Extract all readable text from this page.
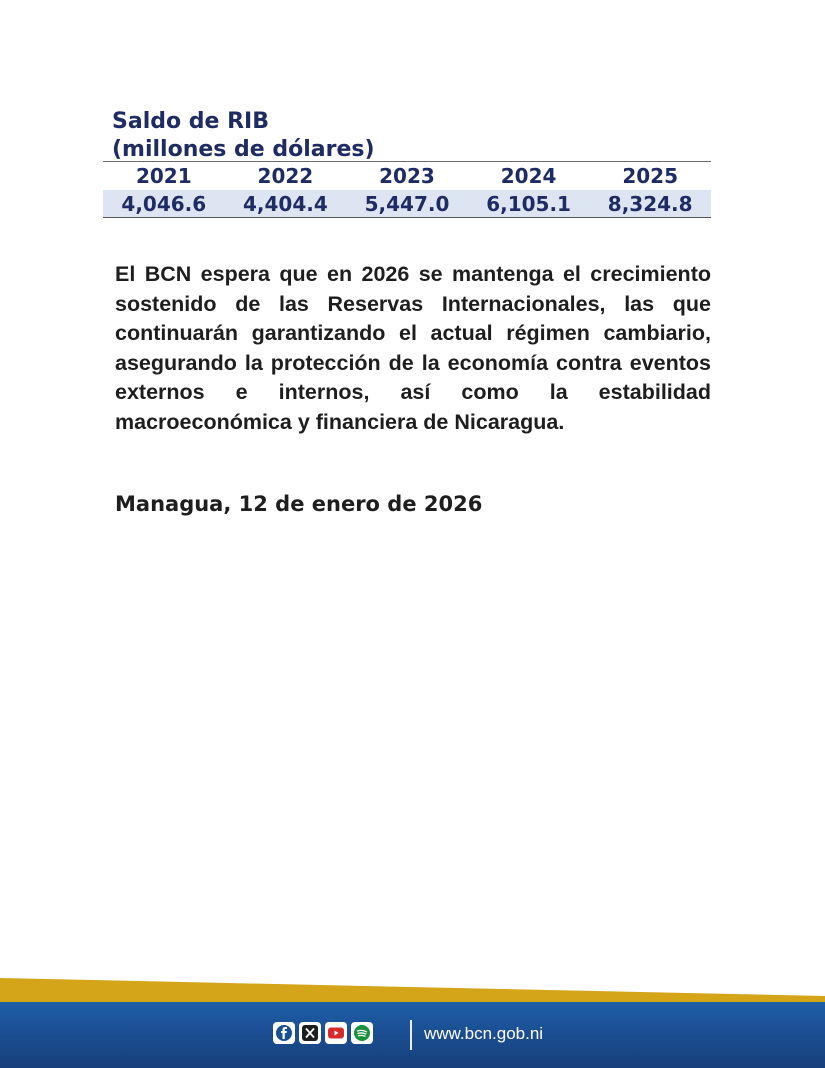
Saldo de RIB
(millones de dólares)
2021	2022	2023	2024	2025
4,046.6	4,404.4	5,447.0	6,105.1	8,324.8

El BCN espera que en 2026 se mantenga el crecimiento sostenido de las Reservas Internacionales, las que continuarán garantizando el actual régimen cambiario, asegurando la protección de la economía contra eventos externos e internos, así como la estabilidad macroeconómica y financiera de Nicaragua.

Managua, 12 de enero de 2026
www.bcn.gob.ni
